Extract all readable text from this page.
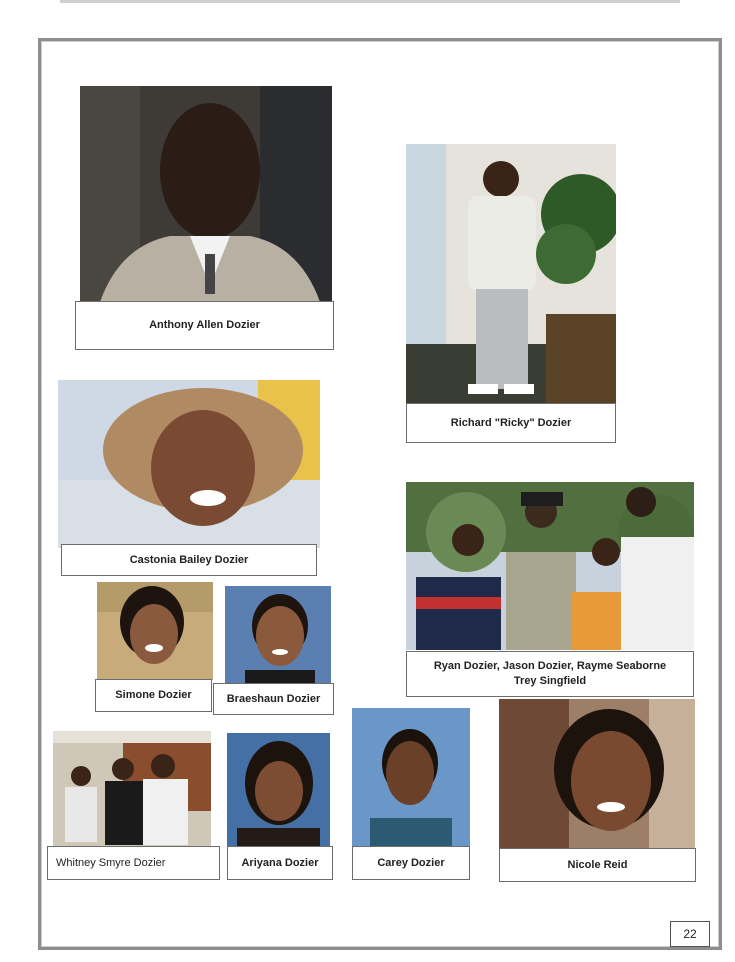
Anthony Allen Dozier
Richard "Ricky" Dozier
Castonia Bailey Dozier
Ryan Dozier, Jason Dozier, Rayme Seaborne
Trey Singfield
Simone Dozier	Braeshaun Dozier
Whitney Smyre Dozier	Ariyana Dozier	Carey Dozier	Nicole Reid
22
